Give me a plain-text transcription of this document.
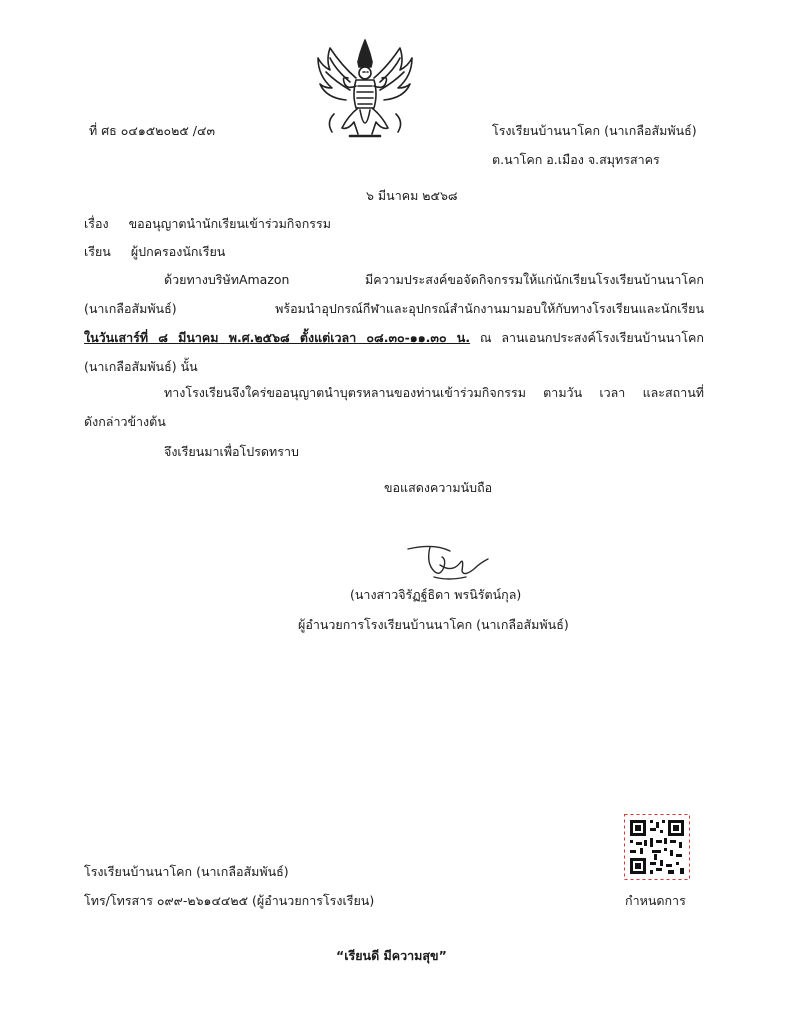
ที่ ศธ ๐๔๑๕๒๐๒๕ /๔๓	โรงเรียนบ้านนาโคก (นาเกลือสัมพันธ์)
ต.นาโคก อ.เมือง จ.สมุทรสาคร
๖ มีนาคม ๒๕๖๘
เรื่อง ขออนุญาตนำนักเรียนเข้าร่วมกิจกรรม
เรียน ผู้ปกครองนักเรียน
ด้วยทางบริษัทAmazon มีความประสงค์ขอจัดกิจกรรมให้แก่นักเรียนโรงเรียนบ้านนาโคก
(นาเกลือสัมพันธ์) พร้อมนำอุปกรณ์กีฬาและอุปกรณ์สำนักงานมามอบให้กับทางโรงเรียนและนักเรียน
ในวันเสาร์ที่ ๘ มีนาคม พ.ศ.๒๕๖๘ ตั้งแต่เวลา ๐๘.๓๐-๑๑.๓๐ น. ณ ลานเอนกประสงค์โรงเรียนบ้านนาโคก
(นาเกลือสัมพันธ์) นั้น
ทางโรงเรียนจึงใคร่ขออนุญาตนำบุตรหลานของท่านเข้าร่วมกิจกรรม ตามวัน เวลา และสถานที่
ดังกล่าวข้างต้น
จึงเรียนมาเพื่อโปรดทราบ
ขอแสดงความนับถือ
(นางสาวจิรัฏฐ์ธิดา พรนิรัตน์กุล)
ผู้อำนวยการโรงเรียนบ้านนาโคก (นาเกลือสัมพันธ์)
โรงเรียนบ้านนาโคก (นาเกลือสัมพันธ์)
โทร/โทรสาร ๐๙๙-๒๖๑๔๔๒๕ (ผู้อำนวยการโรงเรียน)	กำหนดการ
“เรียนดี มีความสุข”
